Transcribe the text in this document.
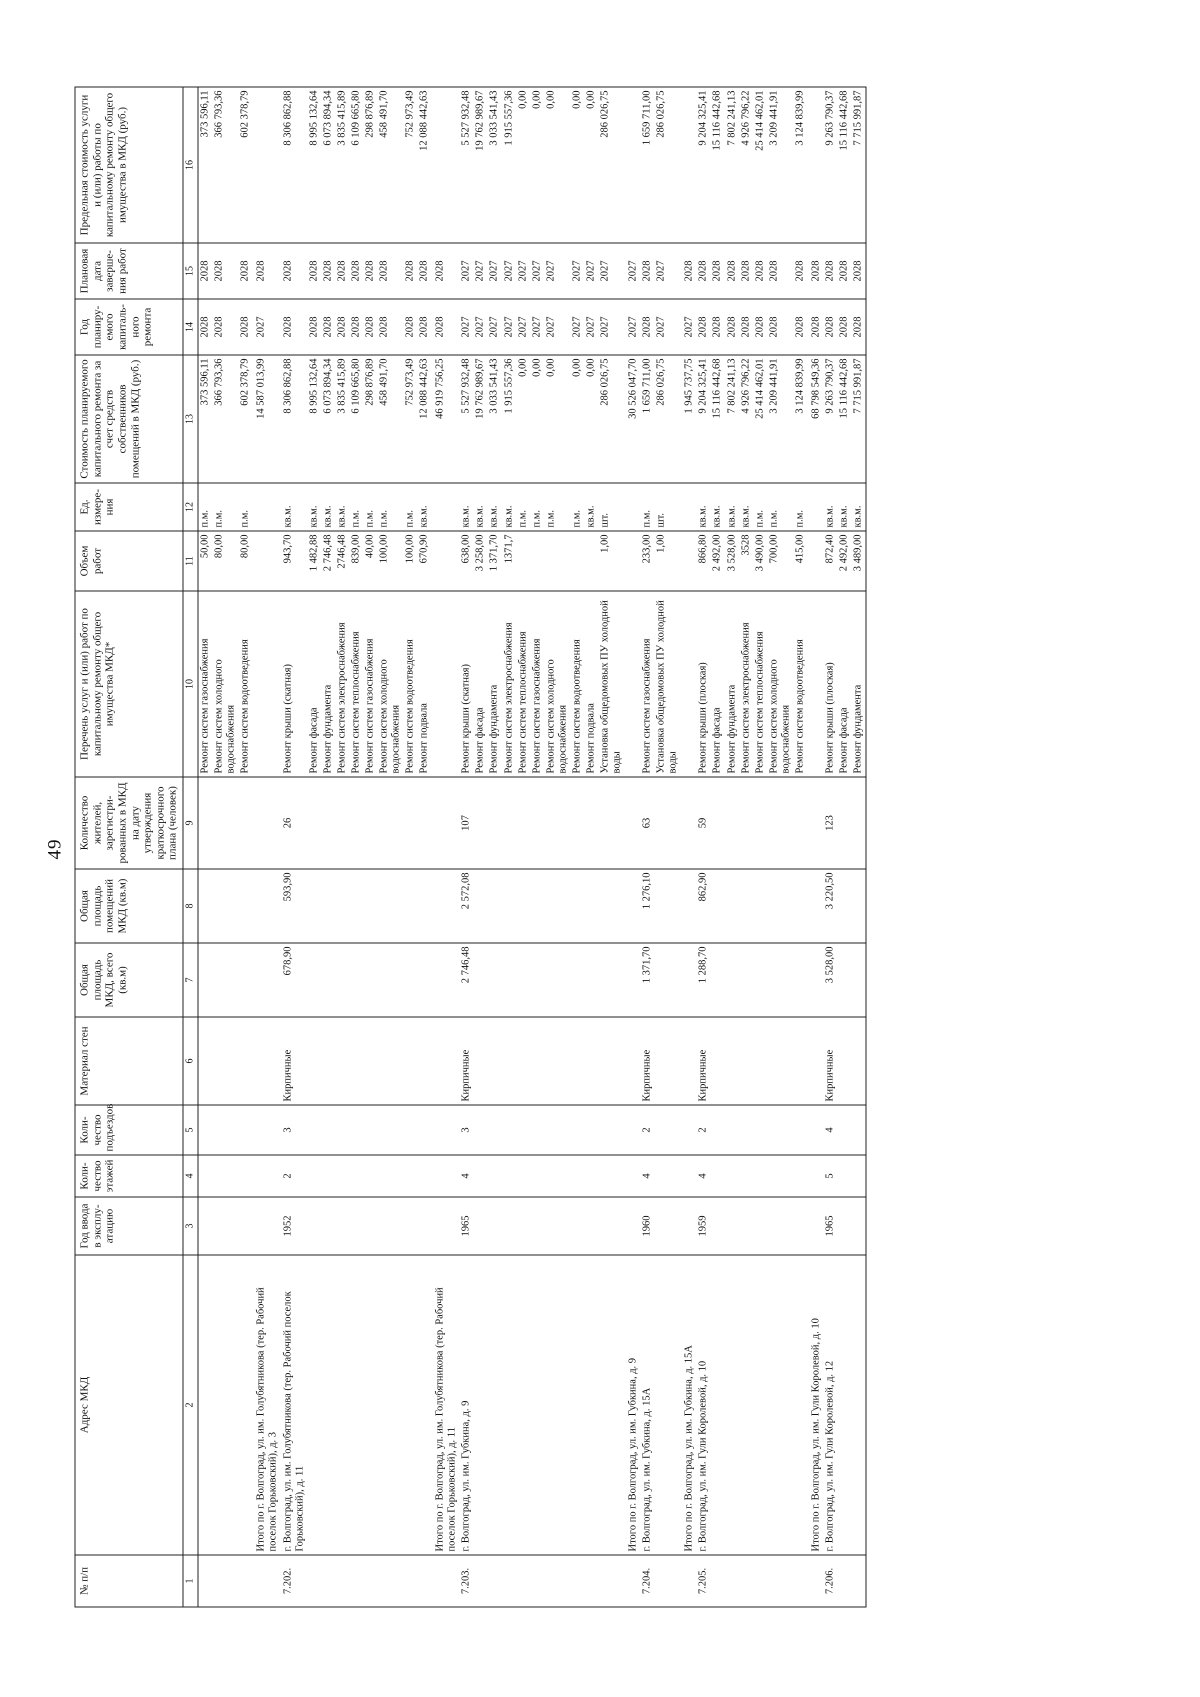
49
№ п/п	Адрес МКД	Год ввода в эксплу-атацию	Коли-чество этажей	Коли-чество подъездов	Материал стен	Общая площадь МКД, всего (кв.м)	Общая площадь помещений МКД (кв.м)	Количество жителей, зарегистри-рованных в МКД на дату утверждения краткосрочного плана (человек)	Перечень услуг и (или) работ по капитальному ремонту общего имущества МКД*	Объем работ	Ед. измере-ния	Стоимость планируемого капитального ремонта за счет средств собственников помещений в МКД (руб.)	Год планиру-емого капиталь-ного ремонта	Плановая дата заверше-ния работ	Предельная стоимость услуги и (или) работы по капитальному ремонту общего имущества в МКД (руб.)
1	2	3	4	5	6	7	8	9	10	11	12	13	14	15	16
									Ремонт систем газоснабжения	50,00	п.м.	373 596,11	2028	2028	373 596,11
									Ремонт систем холодного водоснабжения	80,00	п.м.	366 793,36	2028	2028	366 793,36
									Ремонт систем водоотведения	80,00	п.м.	602 378,79	2028	2028	602 378,79
	Итого по г. Волгоград, ул. им. Голубятникова (тер. Рабочий поселок Горьковский), д. 3											14 587 013,99	2027	2028	
7.202.	г. Волгоград, ул. им. Голубятникова (тер. Рабочий поселок Горьковский), д. 11	1952	2	3	Кирпичные	678,90	593,90	26	Ремонт крыши (скатная)	943,70	кв.м.	8 306 862,88	2028	2028	8 306 862,88
									Ремонт фасада	1 482,88	кв.м.	8 995 132,64	2028	2028	8 995 132,64
									Ремонт фундамента	2 746,48	кв.м.	6 073 894,34	2028	2028	6 073 894,34
									Ремонт систем электроснабжения	2746,48	кв.м.	3 835 415,89	2028	2028	3 835 415,89
									Ремонт систем теплоснабжения	839,00	п.м.	6 109 665,80	2028	2028	6 109 665,80
									Ремонт систем газоснабжения	40,00	п.м.	298 876,89	2028	2028	298 876,89
									Ремонт систем холодного водоснабжения	100,00	п.м.	458 491,70	2028	2028	458 491,70
									Ремонт систем водоотведения	100,00	п.м.	752 973,49	2028	2028	752 973,49
									Ремонт подвала	670,90	кв.м.	12 088 442,63	2028	2028	12 088 442,63
	Итого по г. Волгоград, ул. им. Голубятникова (тер. Рабочий поселок Горьковский), д. 11											46 919 756,25	2028	2028	
7.203.	г. Волгоград, ул. им. Губкина, д. 9	1965	4	3	Кирпичные	2 746,48	2 572,08	107	Ремонт крыши (скатная)	638,00	кв.м.	5 527 932,48	2027	2027	5 527 932,48
									Ремонт фасада	3 258,00	кв.м.	19 762 989,67	2027	2027	19 762 989,67
									Ремонт фундамента	1 371,70	кв.м.	3 033 541,43	2027	2027	3 033 541,43
									Ремонт систем электроснабжения	1371,7	кв.м.	1 915 557,36	2027	2027	1 915 557,36
									Ремонт систем теплоснабжения		п.м.	0,00	2027	2027	0,00
									Ремонт систем газоснабжения		п.м.	0,00	2027	2027	0,00
									Ремонт систем холодного водоснабжения		п.м.	0,00	2027	2027	0,00
									Ремонт систем водоотведения		п.м.	0,00	2027	2027	0,00
									Ремонт подвала		кв.м.	0,00	2027	2027	0,00
									Установка общедомовых ПУ холодной воды	1,00	шт.	286 026,75	2027	2027	286 026,75
	Итого по г. Волгоград, ул. им. Губкина, д. 9											30 526 047,70	2027	2027	
7.204.	г. Волгоград, ул. им. Губкина, д. 15А	1960	4	2	Кирпичные	1 371,70	1 276,10	63	Ремонт систем газоснабжения	233,00	п.м.	1 659 711,00	2028	2028	1 659 711,00
									Установка общедомовых ПУ холодной воды	1,00	шт.	286 026,75	2027	2027	286 026,75
	Итого по г. Волгоград, ул. им. Губкина, д. 15А											1 945 737,75	2027	2028	
7.205.	г. Волгоград, ул. им. Гули Королевой, д. 10	1959	4	2	Кирпичные	1 288,70	862,90	59	Ремонт крыши (плоская)	866,80	кв.м.	9 204 325,41	2028	2028	9 204 325,41
									Ремонт фасада	2 492,00	кв.м.	15 116 442,68	2028	2028	15 116 442,68
									Ремонт фундамента	3 528,00	кв.м.	7 802 241,13	2028	2028	7 802 241,13
									Ремонт систем электроснабжения	3528	кв.м.	4 926 796,22	2028	2028	4 926 796,22
									Ремонт систем теплоснабжения	3 490,00	п.м.	25 414 462,01	2028	2028	25 414 462,01
									Ремонт систем холодного водоснабжения	700,00	п.м.	3 209 441,91	2028	2028	3 209 441,91
									Ремонт систем водоотведения	415,00	п.м.	3 124 839,99	2028	2028	3 124 839,99
	Итого по г. Волгоград, ул. им. Гули Королевой, д. 10											68 798 549,36	2028	2028	
7.206.	г. Волгоград, ул. им. Гули Королевой, д. 12	1965	5	4	Кирпичные	3 528,00	3 220,50	123	Ремонт крыши (плоская)	872,40	кв.м.	9 263 790,37	2028	2028	9 263 790,37
									Ремонт фасада	2 492,00	кв.м.	15 116 442,68	2028	2028	15 116 442,68
									Ремонт фундамента	3 489,00	кв.м.	7 715 991,87	2028	2028	7 715 991,87
